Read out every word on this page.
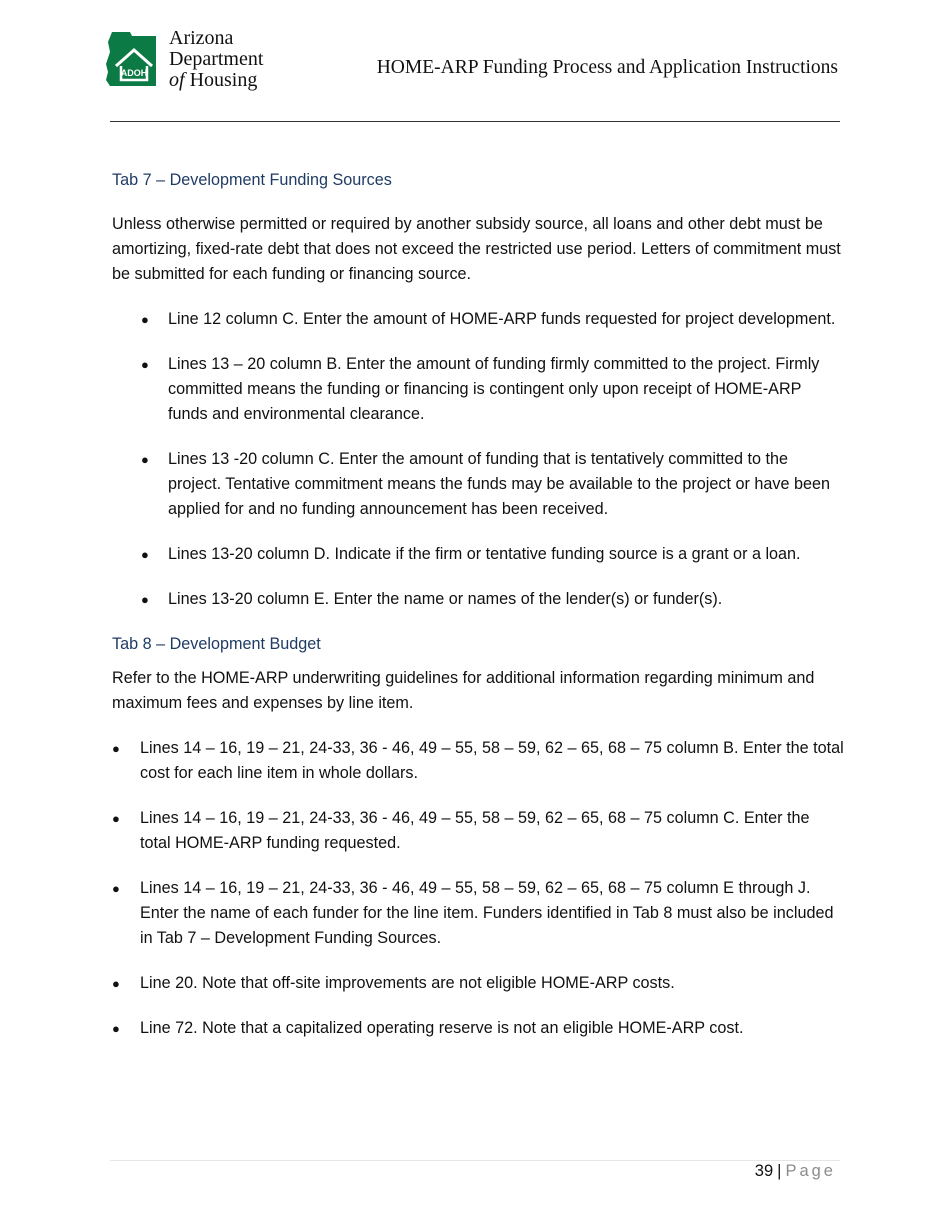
ADOH
Arizona
Department
of Housing
HOME-ARP Funding Process and Application Instructions
Tab 7 – Development Funding Sources

Unless otherwise permitted or required by another subsidy source, all loans and other debt must be amortizing, fixed-rate debt that does not exceed the restricted use period. Letters of commitment must be submitted for each funding or financing source.

● Line 12 column C. Enter the amount of HOME-ARP funds requested for project development.
● Lines 13 – 20 column B. Enter the amount of funding firmly committed to the project. Firmly committed means the funding or financing is contingent only upon receipt of HOME-ARP funds and environmental clearance.
● Lines 13 -20 column C. Enter the amount of funding that is tentatively committed to the project. Tentative commitment means the funds may be available to the project or have been applied for and no funding announcement has been received.
● Lines 13-20 column D. Indicate if the firm or tentative funding source is a grant or a loan.
● Lines 13-20 column E. Enter the name or names of the lender(s) or funder(s).
Tab 8 – Development Budget

Refer to the HOME-ARP underwriting guidelines for additional information regarding minimum and maximum fees and expenses by line item.

● Lines 14 – 16, 19 – 21, 24-33, 36 - 46, 49 – 55, 58 – 59, 62 – 65, 68 – 75 column B. Enter the total cost for each line item in whole dollars.
● Lines 14 – 16, 19 – 21, 24-33, 36 - 46, 49 – 55, 58 – 59, 62 – 65, 68 – 75 column C. Enter the total HOME-ARP funding requested.
● Lines 14 – 16, 19 – 21, 24-33, 36 - 46, 49 – 55, 58 – 59, 62 – 65, 68 – 75 column E through J. Enter the name of each funder for the line item. Funders identified in Tab 8 must also be included in Tab 7 – Development Funding Sources.
● Line 20. Note that off-site improvements are not eligible HOME-ARP costs.
● Line 72. Note that a capitalized operating reserve is not an eligible HOME-ARP cost.
39 | Page
